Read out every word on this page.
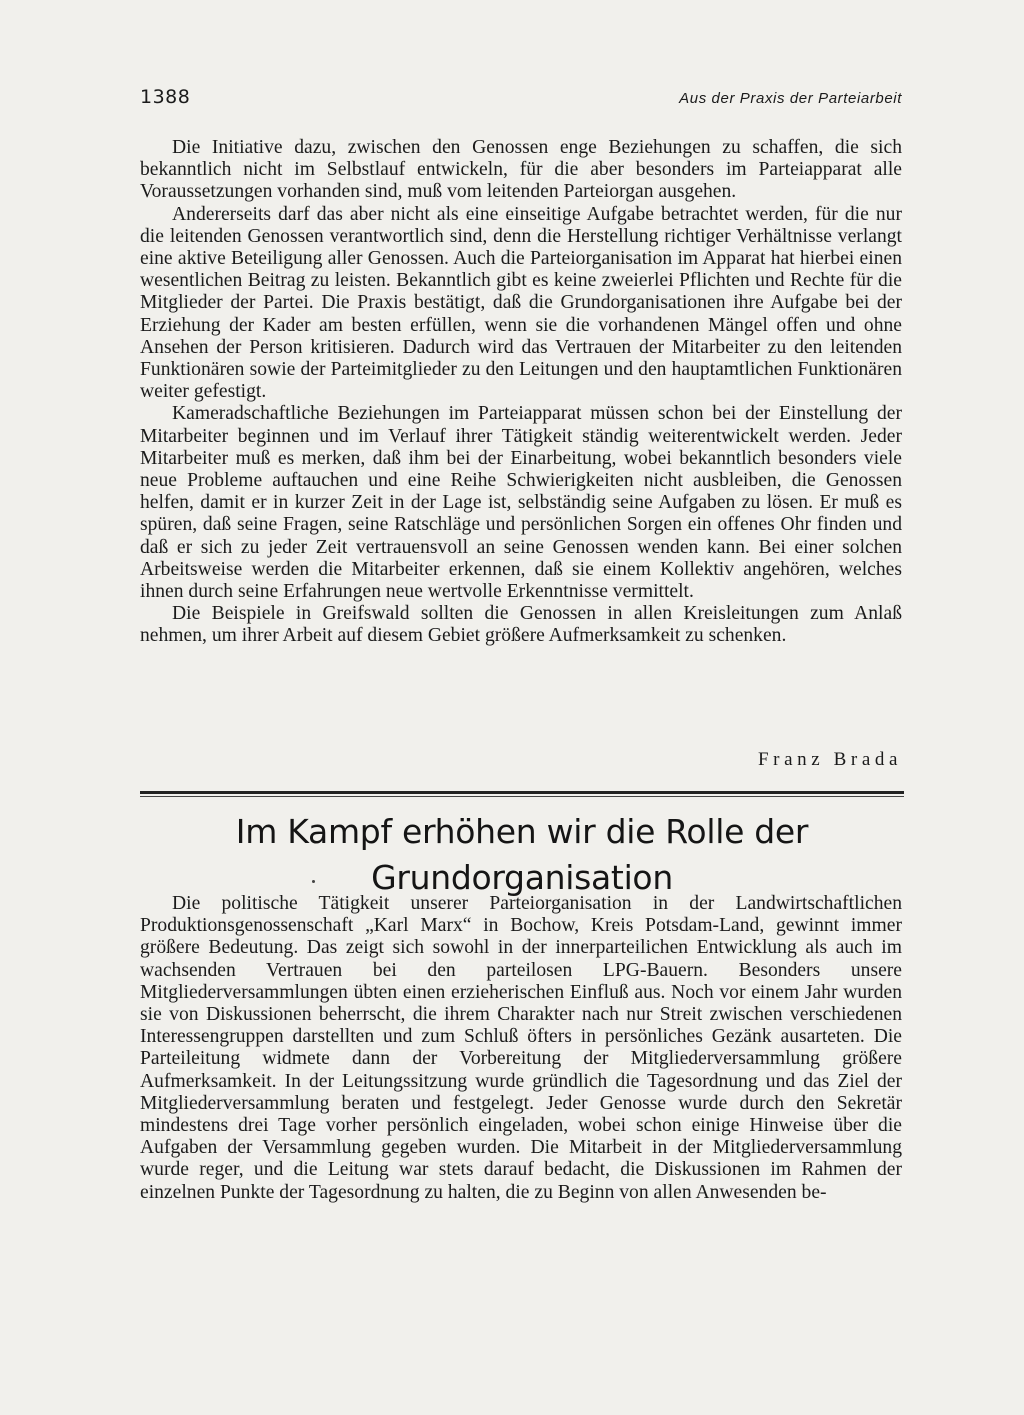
1388	Aus der Praxis der Parteiarbeit

Die Initiative dazu, zwischen den Genossen enge Beziehungen zu schaffen, die sich bekanntlich nicht im Selbstlauf entwickeln, für die aber besonders im Parteiapparat alle Voraussetzungen vorhanden sind, muß vom leitenden Parteiorgan ausgehen.

Andererseits darf das aber nicht als eine einseitige Aufgabe betrachtet werden, für die nur die leitenden Genossen verantwortlich sind, denn die Herstellung richtiger Verhältnisse verlangt eine aktive Beteiligung aller Genossen. Auch die Parteiorganisation im Apparat hat hierbei einen wesentlichen Beitrag zu leisten. Bekanntlich gibt es keine zweierlei Pflichten und Rechte für die Mitglieder der Partei. Die Praxis bestätigt, daß die Grundorganisationen ihre Aufgabe bei der Erziehung der Kader am besten erfüllen, wenn sie die vorhandenen Mängel offen und ohne Ansehen der Person kritisieren. Dadurch wird das Vertrauen der Mitarbeiter zu den leitenden Funktionären sowie der Parteimitglieder zu den Leitungen und den hauptamtlichen Funktionären weiter gefestigt.

Kameradschaftliche Beziehungen im Parteiapparat müssen schon bei der Einstellung der Mitarbeiter beginnen und im Verlauf ihrer Tätigkeit ständig weiterentwickelt werden. Jeder Mitarbeiter muß es merken, daß ihm bei der Einarbeitung, wobei bekanntlich besonders viele neue Probleme auftauchen und eine Reihe Schwierigkeiten nicht ausbleiben, die Genossen helfen, damit er in kurzer Zeit in der Lage ist, selbständig seine Aufgaben zu lösen. Er muß es spüren, daß seine Fragen, seine Ratschläge und persönlichen Sorgen ein offenes Ohr finden und daß er sich zu jeder Zeit vertrauensvoll an seine Genossen wenden kann. Bei einer solchen Arbeitsweise werden die Mitarbeiter erkennen, daß sie einem Kollektiv angehören, welches ihnen durch seine Erfahrungen neue wertvolle Erkenntnisse vermittelt.

Die Beispiele in Greifswald sollten die Genossen in allen Kreisleitungen zum Anlaß nehmen, um ihrer Arbeit auf diesem Gebiet größere Aufmerksamkeit zu schenken.

Franz Brada
Im Kampf erhöhen wir die Rolle der
Grundorganisation

Die politische Tätigkeit unserer Parteiorganisation in der Landwirtschaftlichen Produktionsgenossenschaft „Karl Marx“ in Bochow, Kreis Potsdam-Land, gewinnt immer größere Bedeutung. Das zeigt sich sowohl in der innerparteilichen Entwicklung als auch im wachsenden Vertrauen bei den parteilosen LPG-Bauern. Besonders unsere Mitgliederversammlungen übten einen erzieherischen Einfluß aus. Noch vor einem Jahr wurden sie von Diskussionen beherrscht, die ihrem Charakter nach nur Streit zwischen verschiedenen Interessengruppen darstellten und zum Schluß öfters in persönliches Gezänk ausarteten. Die Parteileitung widmete dann der Vorbereitung der Mitgliederversammlung größere Aufmerksamkeit. In der Leitungssitzung wurde gründlich die Tagesordnung und das Ziel der Mitgliederversammlung beraten und festgelegt. Jeder Genosse wurde durch den Sekretär mindestens drei Tage vorher persönlich eingeladen, wobei schon einige Hinweise über die Aufgaben der Versammlung gegeben wurden. Die Mitarbeit in der Mitgliederversammlung wurde reger, und die Leitung war stets darauf bedacht, die Diskussionen im Rahmen der einzelnen Punkte der Tagesordnung zu halten, die zu Beginn von allen Anwesenden be-
